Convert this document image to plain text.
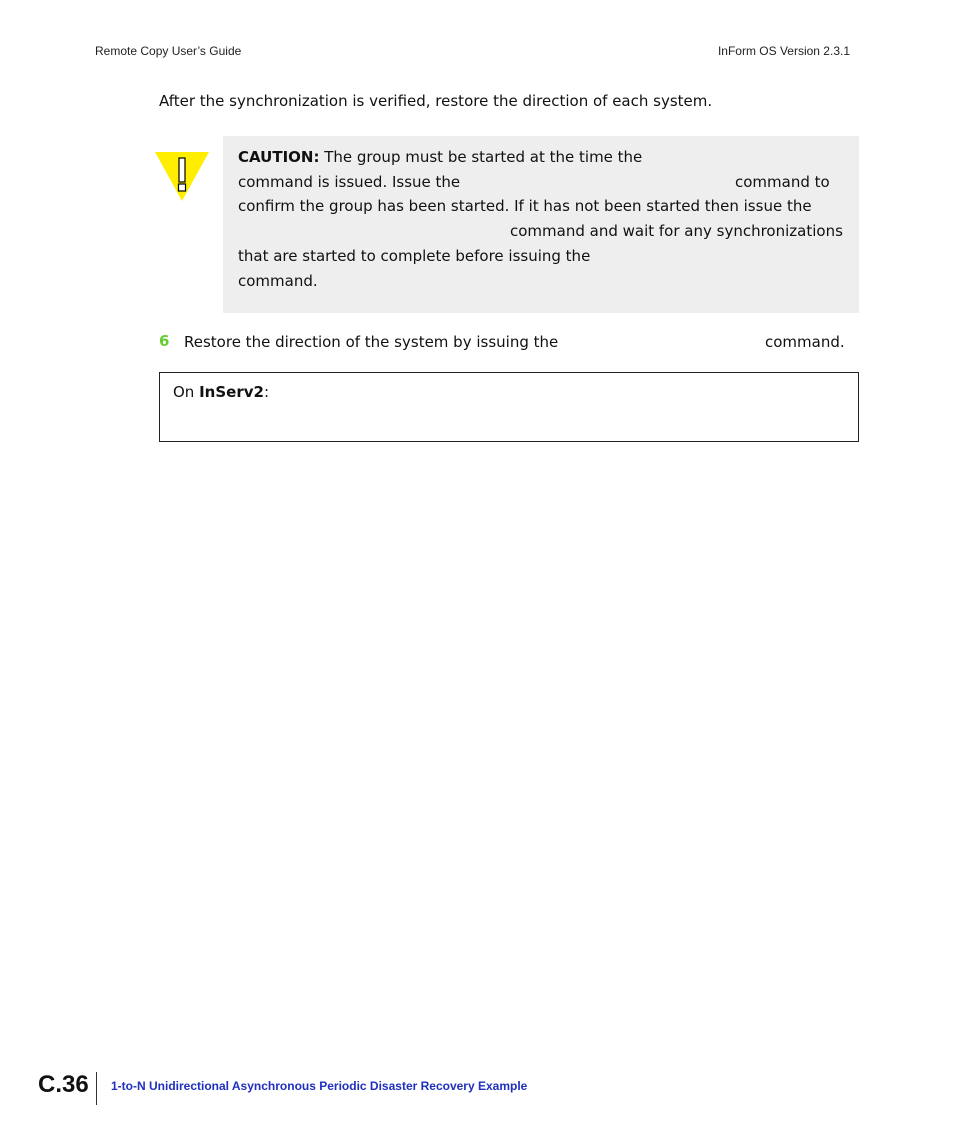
Remote Copy User’s Guide	InForm OS Version 2.3.1
After the synchronization is verified, restore the direction of each system.
CAUTION: The group must be started at the time the
command is issued. Issue the	command to
confirm the group has been started. If it has not been started then issue the
command and wait for any synchronizations
that are started to complete before issuing the
command.
6 Restore the direction of the system by issuing the	command.
On InServ2:
C.36 1-to-N Unidirectional Asynchronous Periodic Disaster Recovery Example
